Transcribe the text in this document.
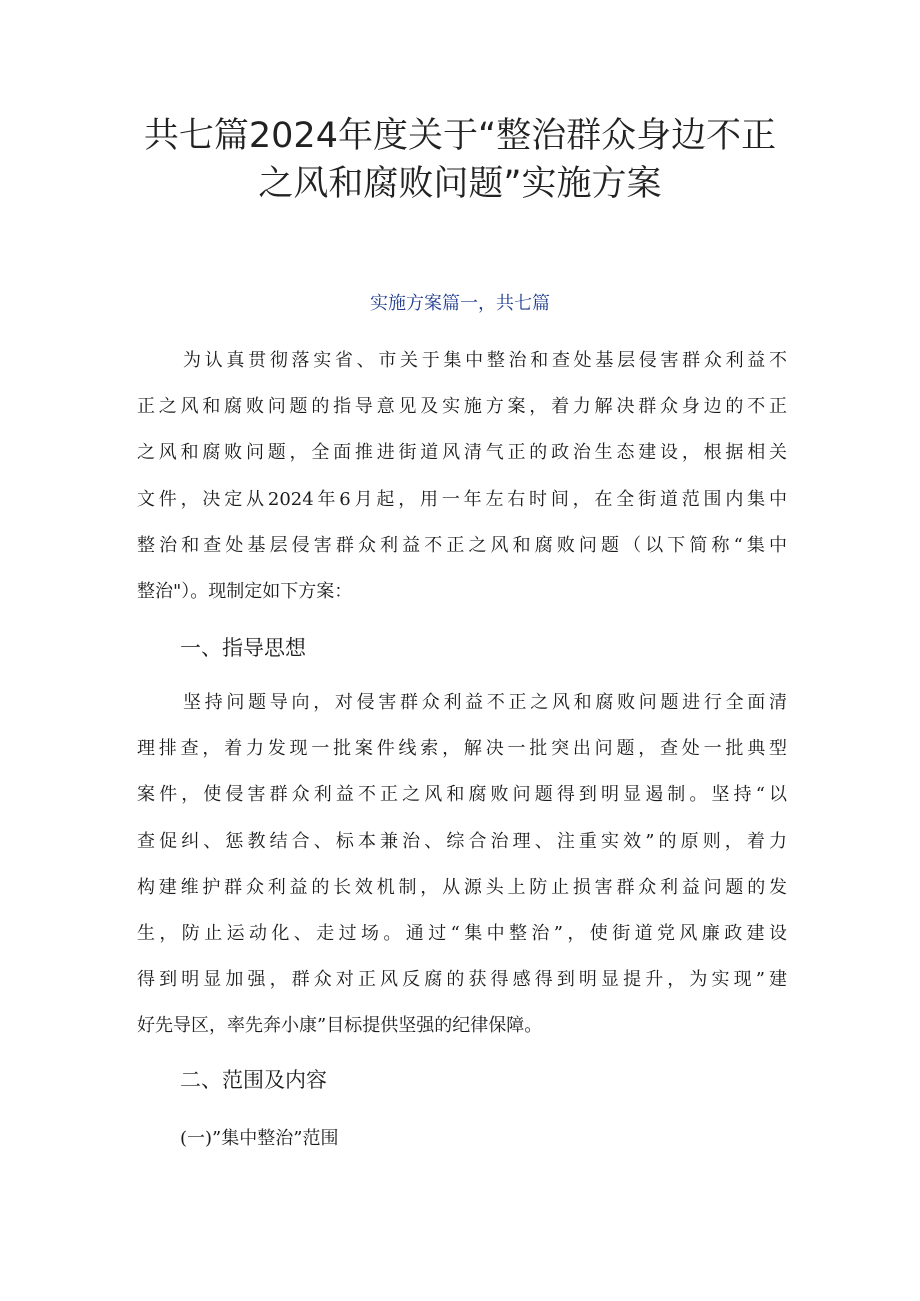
共七篇2024年度关于“整治群众身边不正
之风和腐败问题”实施方案

实施方案篇一，共七篇

为认真贯彻落实省、市关于集中整治和查处基层侵害群众利益不
正之风和腐败问题的指导意见及实施方案，着力解决群众身边的不正
之风和腐败问题，全面推进街道风清气正的政治生态建设，根据相关
文件，决定从2024年6月起，用一年左右时间，在全街道范围内集中
整治和查处基层侵害群众利益不正之风和腐败问题（以下简称“集中
整治"）。现制定如下方案：
一、指导思想
坚持问题导向，对侵害群众利益不正之风和腐败问题进行全面清
理排查，着力发现一批案件线索，解决一批突出问题，查处一批典型
案件，使侵害群众利益不正之风和腐败问题得到明显遏制。坚持“以
查促纠、惩教结合、标本兼治、综合治理、注重实效”的原则，着力
构建维护群众利益的长效机制，从源头上防止损害群众利益问题的发
生，防止运动化、走过场。通过“集中整治”，使街道党风廉政建设
得到明显加强，群众对正风反腐的获得感得到明显提升，为实现”建
好先导区，率先奔小康”目标提供坚强的纪律保障。
二、范围及内容

(一)”集中整治”范围
